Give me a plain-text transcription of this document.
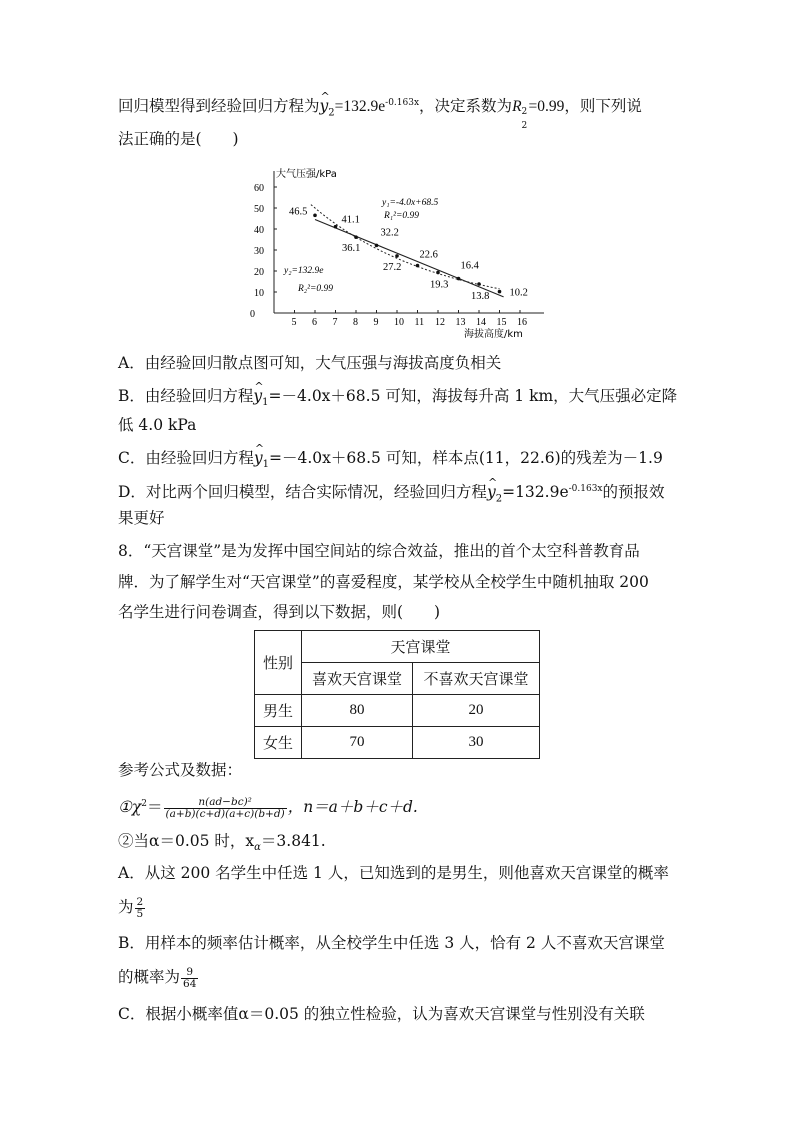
回归模型得到经验回归方程为^ $y_2=132.9e^{-0.163x}$，决定系数为R 2
2
=0.99，则下列说
法正确的是(　　)
5 6 7 8 9 10 11 12 13 14 15 16
10
20
30
40
50
60
46.5
41.1
36.1
32.2
27.2
22.6
19.3
16.4
13.8 10.2
0
大气压强/kPa
海拔高度/km
y₁=-4.0x+68.5
R₁²=0.99
y₂=132.9e
R₂²=0.99
A．由经验回归散点图可知，大气压强与海拔高度负相关
B．由经验回归方程^ $y_1=-4.0x+68.5$ 可知，海拔每升高 1 km，大气压强必定降
低 4.0 kPa
C．由经验回归方程^ $y_1=-4.0x+68.5$ 可知，样本点(11，22.6)的残差为－1.9
D．对比两个回归模型，结合实际情况，经验回归方程^ $y_2=132.9e^{-0.163x}$的预报效
果更好
8．“天宫课堂”是为发挥中国空间站的综合效益，推出的首个太空科普教育品
牌．为了解学生对“天宫课堂”的喜爱程度，某学校从全校学生中随机抽取 200
名学生进行问卷调查，得到以下数据，则(　　)
性别	天宫课堂	
	喜欢天宫课堂	不喜欢天宫课堂
男生	80	20
女生	70	30
参考公式及数据：
$①\chi^2= \frac{\text{n(ad−bc)²}}{(a+b)(c+d)(a+c)(b+d)}$ ，n＝a＋b＋c＋d.
②当α＝0.05 时，$x_\alpha=3.841$.
A．从这 200 名学生中任选 1 人，已知选到的是男生，则他喜欢天宫课堂的概率
为 $\frac{2}{5}$
B．用样本的频率估计概率，从全校学生中任选 3 人，恰有 2 人不喜欢天宫课堂
的概率为 $\frac{9}{64}$
C．根据小概率值α＝0.05 的独立性检验，认为喜欢天宫课堂与性别没有关联
